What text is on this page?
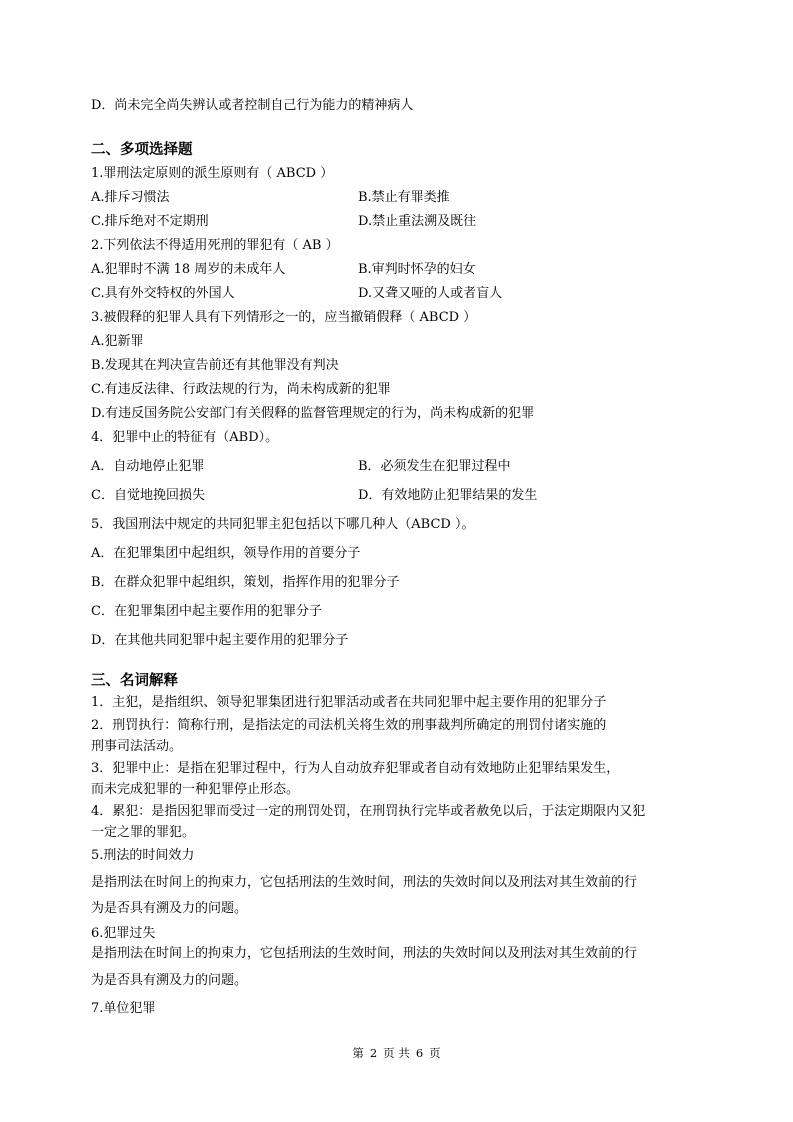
D．尚未完全尚失辨认或者控制自己行为能力的精神病人
二、多项选择题
1.罪刑法定原则的派生原则有（ ABCD ）
A.排斥习惯法	B.禁止有罪类推
C.排斥绝对不定期刑	D.禁止重法溯及既往
2.下列依法不得适用死刑的罪犯有（ AB ）
A.犯罪时不满 18 周岁的未成年人	B.审判时怀孕的妇女
C.具有外交特权的外国人	D.又聋又哑的人或者盲人
3.被假释的犯罪人具有下列情形之一的，应当撤销假释（ ABCD ）
A.犯新罪
B.发现其在判决宣告前还有其他罪没有判决
C.有违反法律、行政法规的行为，尚未构成新的犯罪
D.有违反国务院公安部门有关假释的监督管理规定的行为，尚未构成新的犯罪
4．犯罪中止的特征有（ABD）。
A．自动地停止犯罪	B．必须发生在犯罪过程中
C．自觉地挽回损失	D．有效地防止犯罪结果的发生
5．我国刑法中规定的共同犯罪主犯包括以下哪几种人（ABCD ）。
A．在犯罪集团中起组织，领导作用的首要分子
B．在群众犯罪中起组织，策划，指挥作用的犯罪分子
C．在犯罪集团中起主要作用的犯罪分子
D．在其他共同犯罪中起主要作用的犯罪分子
三、名词解释
1．主犯，是指组织、领导犯罪集团进行犯罪活动或者在共同犯罪中起主要作用的犯罪分子
2．刑罚执行：简称行刑，是指法定的司法机关将生效的刑事裁判所确定的刑罚付诸实施的
刑事司法活动。
3．犯罪中止：是指在犯罪过程中，行为人自动放弃犯罪或者自动有效地防止犯罪结果发生，
而未完成犯罪的一种犯罪停止形态。
4．累犯：是指因犯罪而受过一定的刑罚处罚，在刑罚执行完毕或者赦免以后，于法定期限内又犯
一定之罪的罪犯。
5.刑法的时间效力
是指刑法在时间上的拘束力，它包括刑法的生效时间，刑法的失效时间以及刑法对其生效前的行
为是否具有溯及力的问题。
6.犯罪过失
是指刑法在时间上的拘束力，它包括刑法的生效时间，刑法的失效时间以及刑法对其生效前的行
为是否具有溯及力的问题。
7.单位犯罪
第 2 页 共 6 页
